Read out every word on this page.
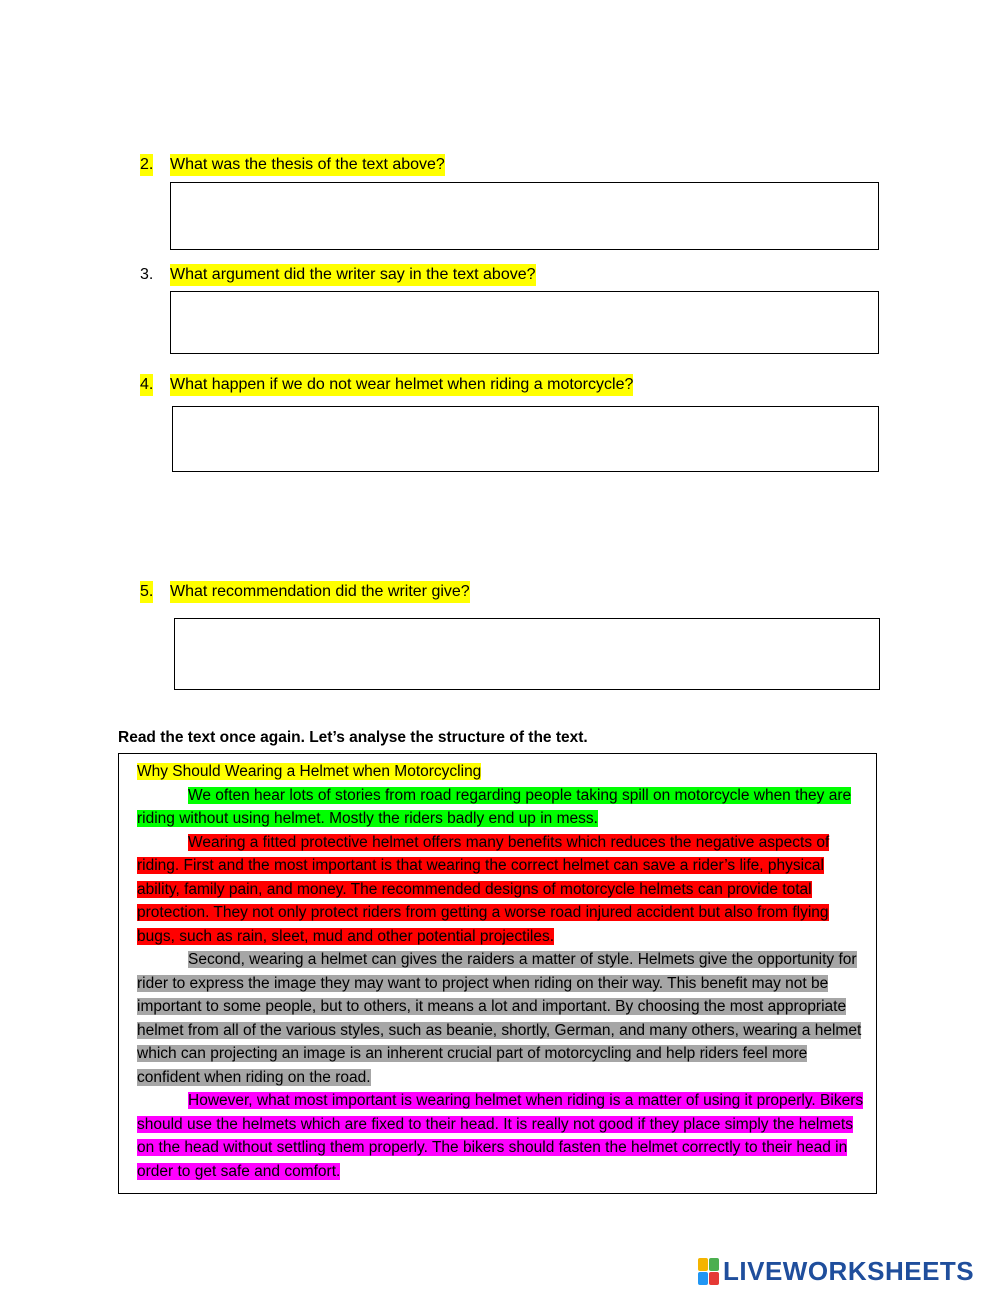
2. What was the thesis of the text above?
3. What argument did the writer say in the text above?
4. What happen if we do not wear helmet when riding a motorcycle?
5. What recommendation did the writer give?
Read the text once again. Let’s analyse the structure of the text.

Why Should Wearing a Helmet when Motorcycling

We often hear lots of stories from road regarding people taking spill on motorcycle when they are riding without using helmet. Mostly the riders badly end up in mess.

Wearing a fitted protective helmet offers many benefits which reduces the negative aspects of riding. First and the most important is that wearing the correct helmet can save a rider’s life, physical ability, family pain, and money. The recommended designs of motorcycle helmets can provide total protection. They not only protect riders from getting a worse road injured accident but also from flying bugs, such as rain, sleet, mud and other potential projectiles.

Second, wearing a helmet can gives the raiders a matter of style. Helmets give the opportunity for rider to express the image they may want to project when riding on their way. This benefit may not be important to some people, but to others, it means a lot and important. By choosing the most appropriate helmet from all of the various styles, such as beanie, shortly, German, and many others, wearing a helmet which can projecting an image is an inherent crucial part of motorcycling and help riders feel more confident when riding on the road.

However, what most important is wearing helmet when riding is a matter of using it properly. Bikers should use the helmets which are fixed to their head. It is really not good if they place simply the helmets on the head without settling them properly. The bikers should fasten the helmet correctly to their head in order to get safe and comfort.

LIVEWORKSHEETS
